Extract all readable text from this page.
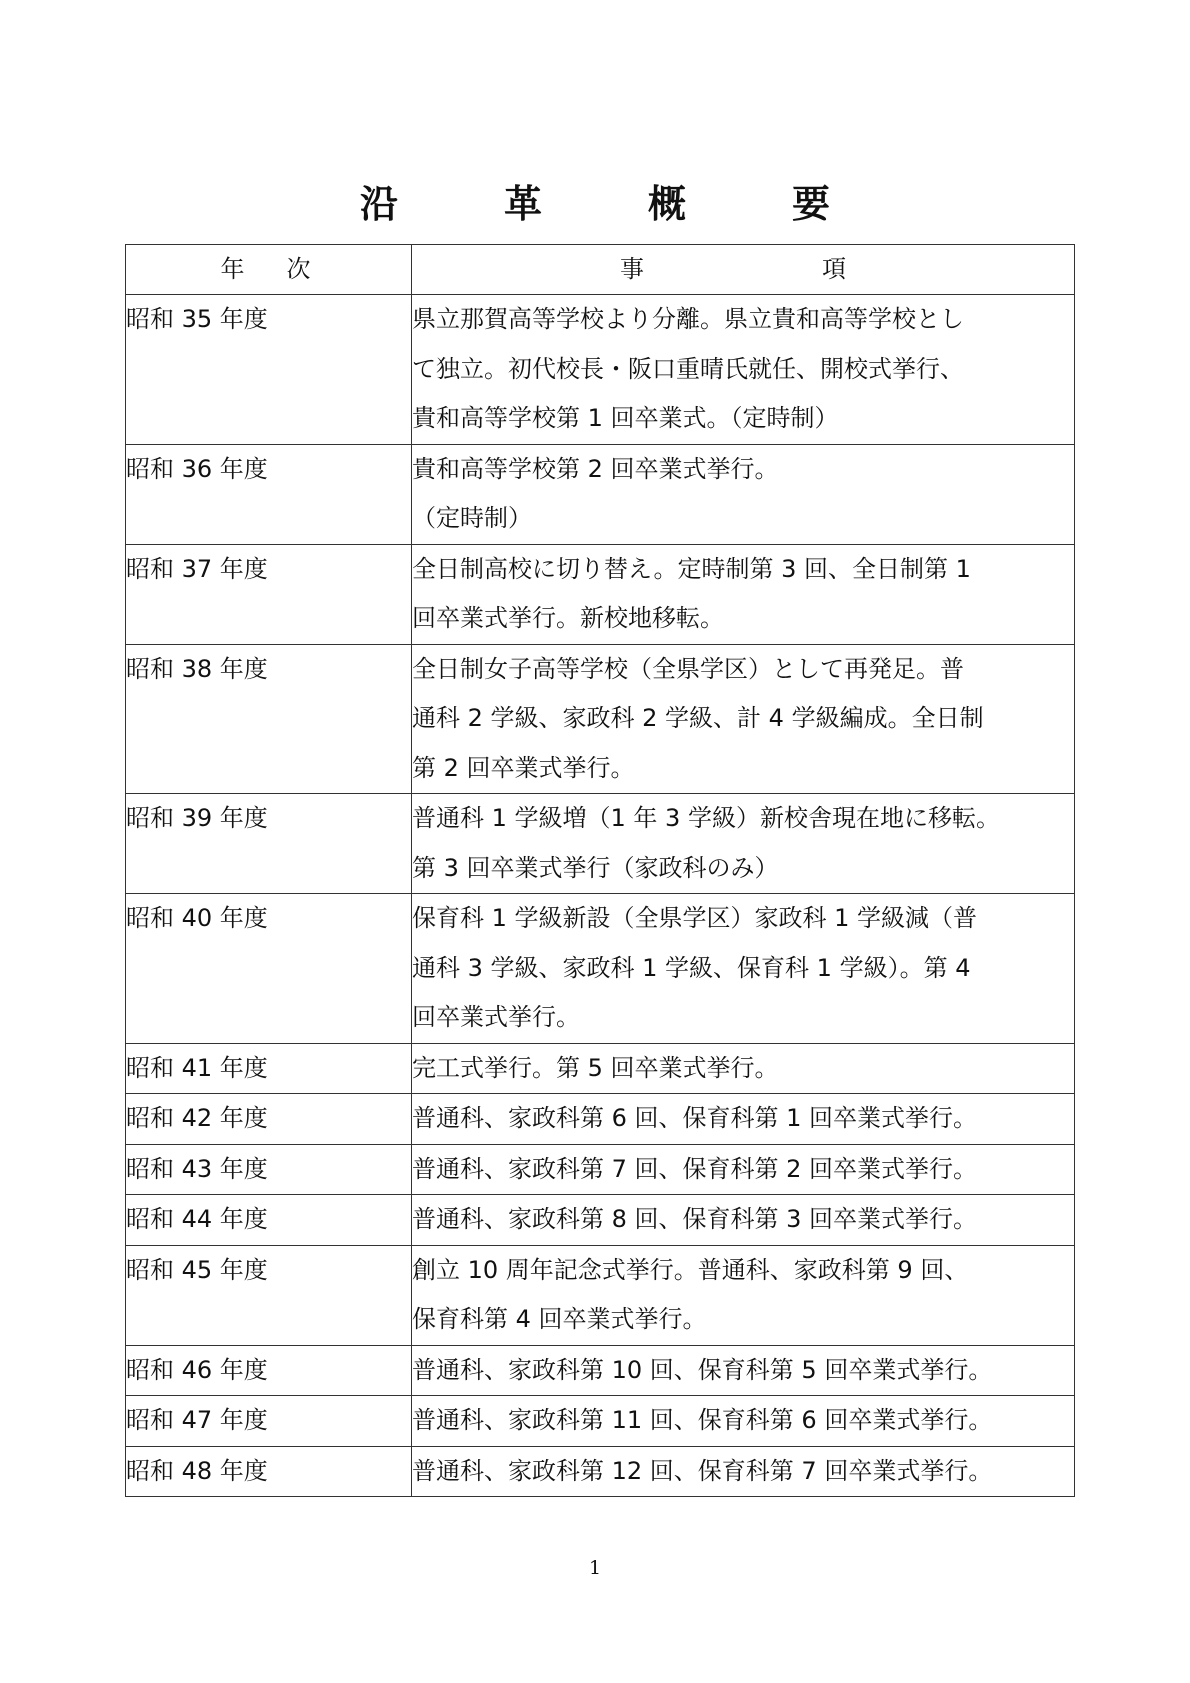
沿	革	概	要
年 次	事 項

昭和 35 年度	県立那賀高等学校より分離。県立貴和高等学校とし
て独立。初代校長・阪口重晴氏就任、開校式挙行、
貴和高等学校第 1 回卒業式。（定時制）

昭和 36 年度	貴和高等学校第 2 回卒業式挙行。
（定時制）

昭和 37 年度	全日制高校に切り替え。定時制第 3 回、全日制第 1
回卒業式挙行。新校地移転。

昭和 38 年度	全日制女子高等学校（全県学区）として再発足。普
通科 2 学級、家政科 2 学級、計 4 学級編成。全日制
第 2 回卒業式挙行。

昭和 39 年度	普通科 1 学級増（1 年 3 学級）新校舎現在地に移転。
第 3 回卒業式挙行（家政科のみ）

昭和 40 年度	保育科 1 学級新設（全県学区）家政科 1 学級減（普
通科 3 学級、家政科 1 学級、保育科 1 学級）。第 4
回卒業式挙行。

昭和 41 年度	完工式挙行。第 5 回卒業式挙行。

昭和 42 年度	普通科、家政科第 6 回、保育科第 1 回卒業式挙行。

昭和 43 年度	普通科、家政科第 7 回、保育科第 2 回卒業式挙行。

昭和 44 年度	普通科、家政科第 8 回、保育科第 3 回卒業式挙行。

昭和 45 年度	創立 10 周年記念式挙行。普通科、家政科第 9 回、
保育科第 4 回卒業式挙行。

昭和 46 年度	普通科、家政科第 10 回、保育科第 5 回卒業式挙行。

昭和 47 年度	普通科、家政科第 11 回、保育科第 6 回卒業式挙行。

昭和 48 年度	普通科、家政科第 12 回、保育科第 7 回卒業式挙行。
1
